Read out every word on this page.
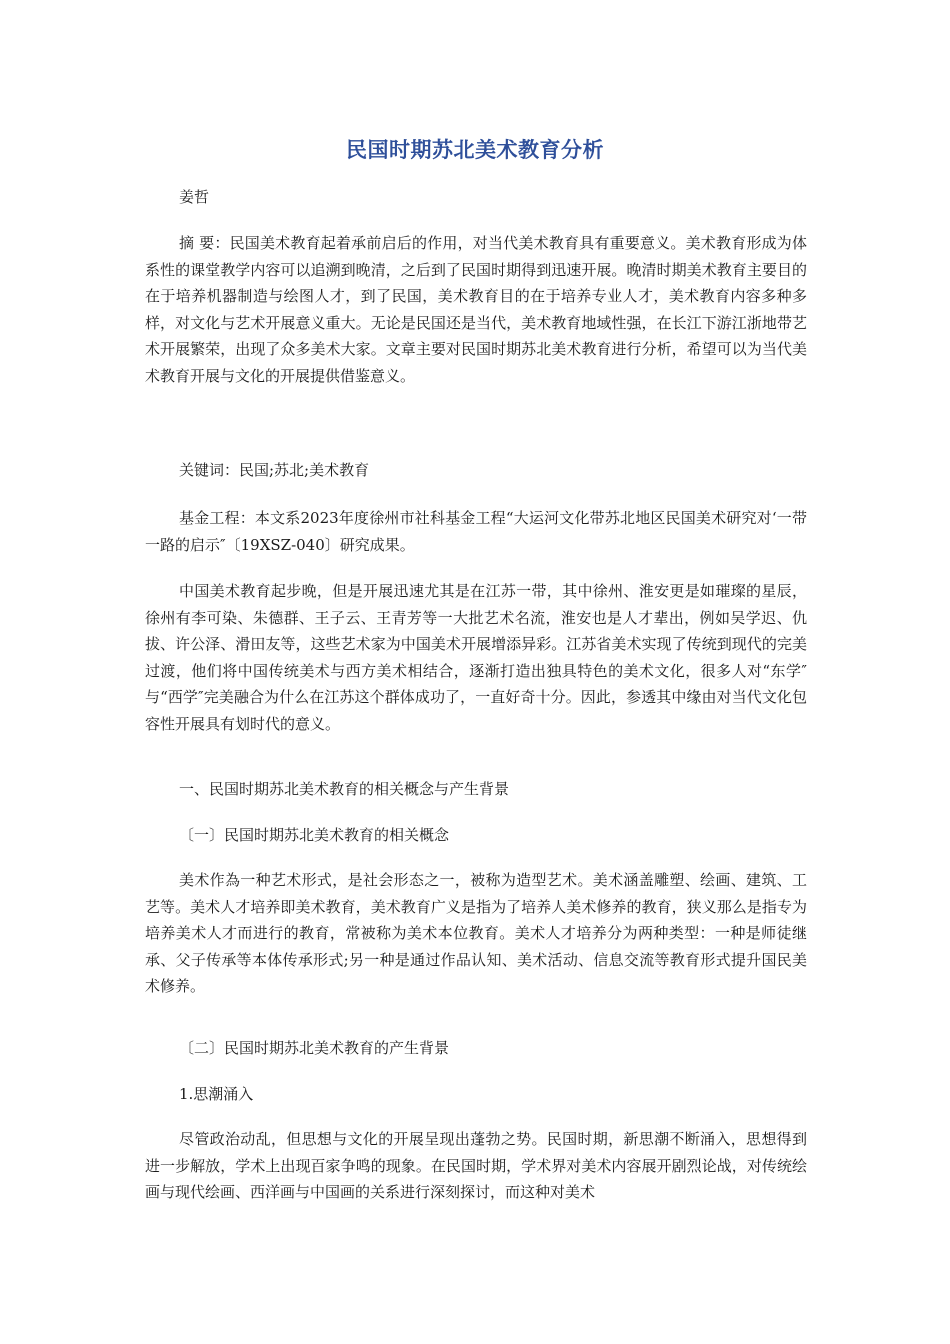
民国时期苏北美术教育分析
姜哲
摘 要：民国美术教育起着承前启后的作用，对当代美术教育具有重要意义。美术教育形成为体系性的课堂教学内容可以追溯到晚清，之后到了民国时期得到迅速开展。晚清时期美术教育主要目的在于培养机器制造与绘图人才，到了民国，美术教育目的在于培养专业人才，美术教育内容多种多样，对文化与艺术开展意义重大。无论是民国还是当代，美术教育地域性强，在长江下游江浙地带艺术开展繁荣，出现了众多美术大家。文章主要对民国时期苏北美术教育进行分析，希望可以为当代美术教育开展与文化的开展提供借鉴意义。
关键词：民国;苏北;美术教育
基金工程：本文系2023年度徐州市社科基金工程“大运河文化带苏北地区民国美术研究对‘一带一路的启示″〔19XSZ-040〕研究成果。
中国美术教育起步晚，但是开展迅速尤其是在江苏一带，其中徐州、淮安更是如璀璨的星辰，徐州有李可染、朱德群、王子云、王青芳等一大批艺术名流，淮安也是人才辈出，例如吴学迟、仇拔、许公泽、滑田友等，这些艺术家为中国美术开展增添异彩。江苏省美术实现了传统到现代的完美过渡，他们将中国传统美术与西方美术相结合，逐渐打造出独具特色的美术文化，很多人对“东学″与“西学″完美融合为什么在江苏这个群体成功了，一直好奇十分。因此，参透其中缘由对当代文化包容性开展具有划时代的意义。
一、民国时期苏北美术教育的相关概念与产生背景
〔一〕民国时期苏北美术教育的相关概念
美术作為一种艺术形式，是社会形态之一，被称为造型艺术。美术涵盖雕塑、绘画、建筑、工艺等。美术人才培养即美术教育，美术教育广义是指为了培养人美术修养的教育，狭义那么是指专为培养美术人才而进行的教育，常被称为美术本位教育。美术人才培养分为两种类型：一种是师徒继承、父子传承等本体传承形式;另一种是通过作品认知、美术活动、信息交流等教育形式提升国民美术修养。
〔二〕民国时期苏北美术教育的产生背景
1.思潮涌入
尽管政治动乱，但思想与文化的开展呈现出蓬勃之势。民国时期，新思潮不断涌入，思想得到进一步解放，学术上出现百家争鸣的现象。在民国时期，学术界对美术内容展开剧烈论战，对传统绘画与现代绘画、西洋画与中国画的关系进行深刻探讨，而这种对美术
